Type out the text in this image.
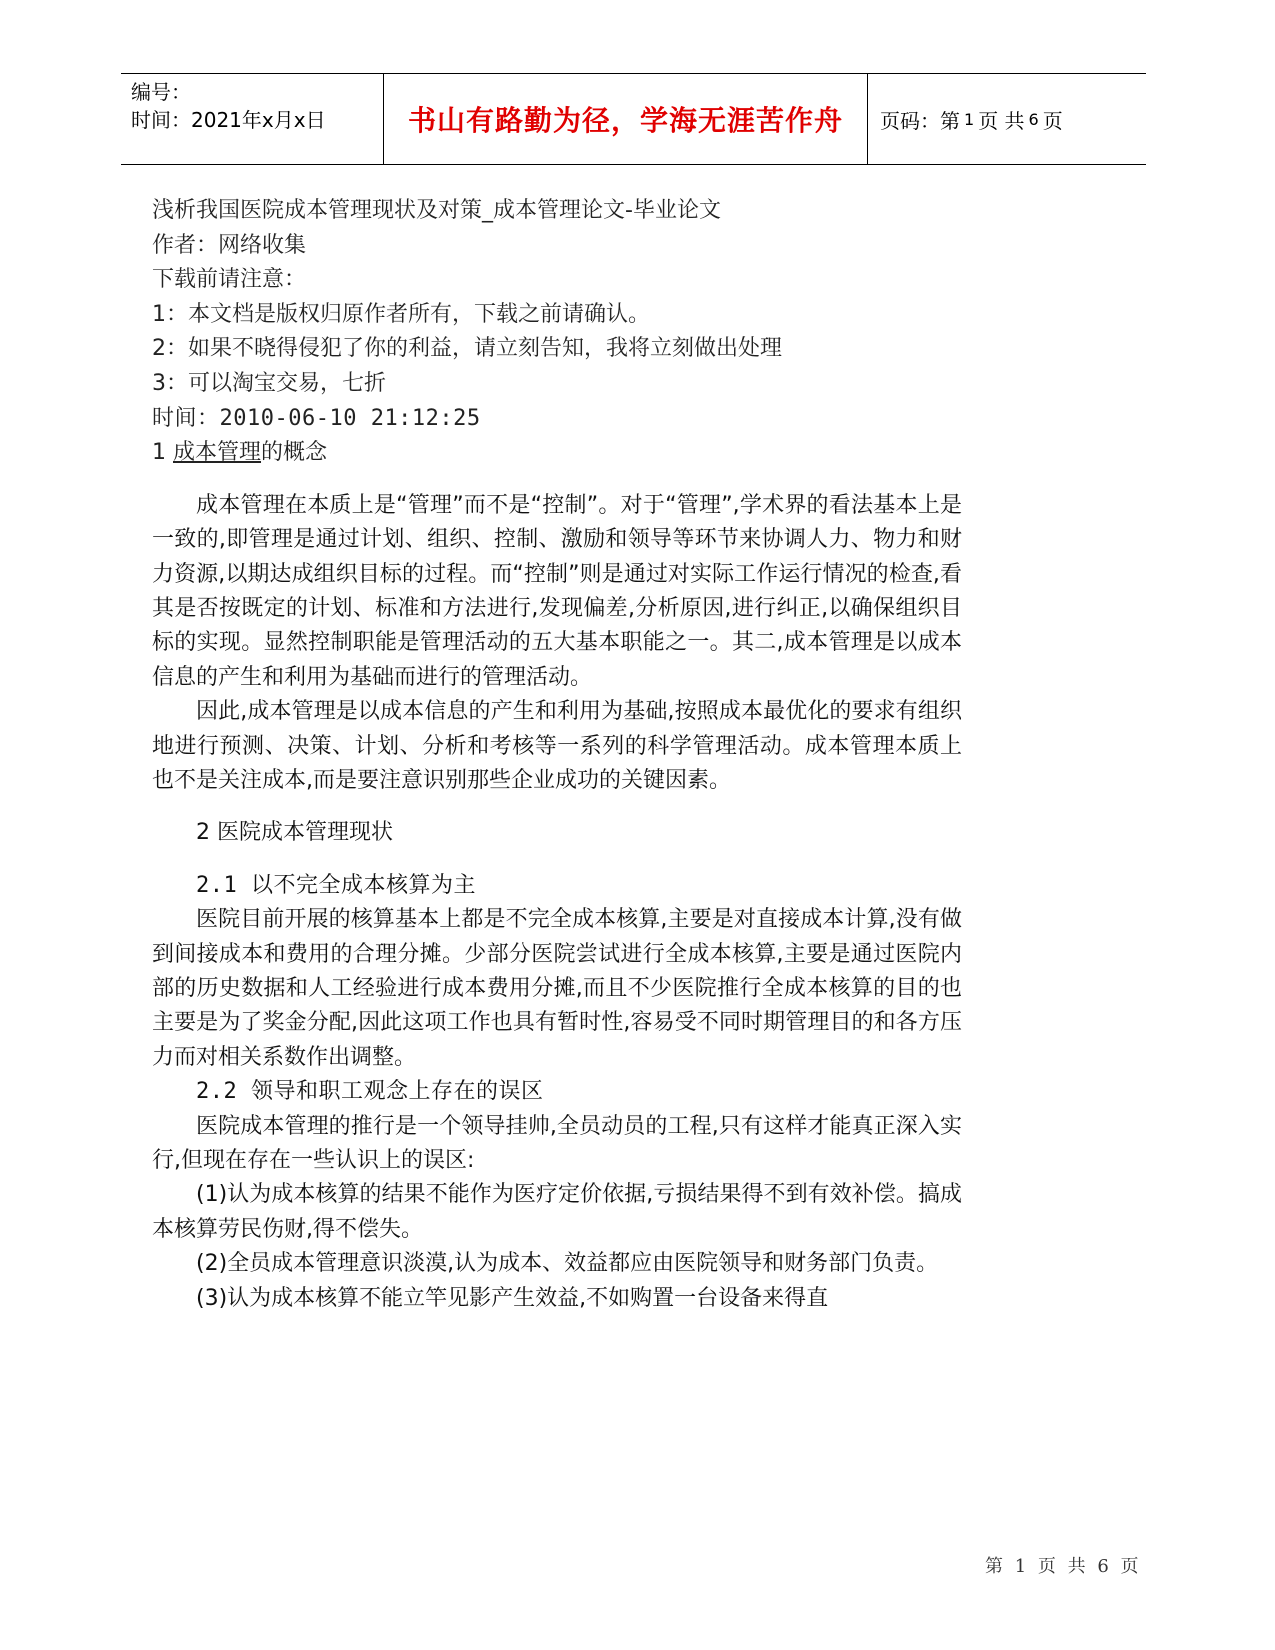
编号：
时间：2021年x月x日	书山有路勤为径，学海无涯苦作舟	页码：第 1 页 共 6 页
浅析我国医院成本管理现状及对策_成本管理论文-毕业论文
作者：网络收集
下载前请注意：
1：本文档是版权归原作者所有，下载之前请确认。
2：如果不晓得侵犯了你的利益，请立刻告知，我将立刻做出处理
3：可以淘宝交易，七折
时间：2010-06-10 21:12:25
1 成本管理的概念

成本管理在本质上是“管理”而不是“控制”。对于“管理”,学术界的看法基本上是一致的,即管理是通过计划、组织、控制、激励和领导等环节来协调人力、物力和财力资源,以期达成组织目标的过程。而“控制”则是通过对实际工作运行情况的检查,看其是否按既定的计划、标准和方法进行,发现偏差,分析原因,进行纠正,以确保组织目标的实现。显然控制职能是管理活动的五大基本职能之一。其二,成本管理是以成本信息的产生和利用为基础而进行的管理活动。

因此,成本管理是以成本信息的产生和利用为基础,按照成本最优化的要求有组织地进行预测、决策、计划、分析和考核等一系列的科学管理活动。成本管理本质上也不是关注成本,而是要注意识别那些企业成功的关键因素。

2 医院成本管理现状
2.1 以不完全成本核算为主

医院目前开展的核算基本上都是不完全成本核算,主要是对直接成本计算,没有做到间接成本和费用的合理分摊。少部分医院尝试进行全成本核算,主要是通过医院内部的历史数据和人工经验进行成本费用分摊,而且不少医院推行全成本核算的目的也主要是为了奖金分配,因此这项工作也具有暂时性,容易受不同时期管理目的和各方压力而对相关系数作出调整。

2.2 领导和职工观念上存在的误区

医院成本管理的推行是一个领导挂帅,全员动员的工程,只有这样才能真正深入实行,但现在存在一些认识上的误区:

(1)认为成本核算的结果不能作为医疗定价依据,亏损结果得不到有效补偿。搞成本核算劳民伤财,得不偿失。

(2)全员成本管理意识淡漠,认为成本、效益都应由医院领导和财务部门负责。

(3)认为成本核算不能立竿见影产生效益,不如购置一台设备来得直

第 1 页 共 6 页
